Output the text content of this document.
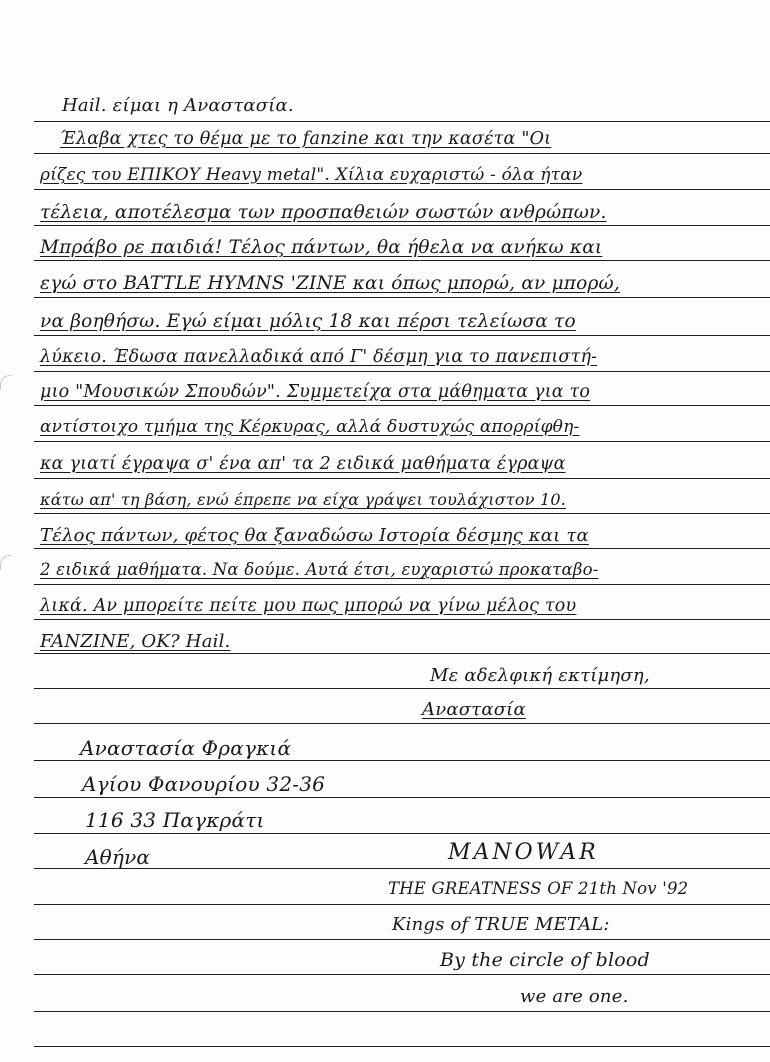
Hail. είμαι η Αναστασία.
Έλαβα χτες το θέμα με το fanzine και την κασέτα "Οι
ρίζες του ΕΠΙΚΟΥ Heavy metal". Χίλια ευχαριστώ - όλα ήταν
τέλεια, αποτέλεσμα των προσπαθειών σωστών ανθρώπων.
Μπράβο ρε παιδιά! Τέλος πάντων, θα ήθελα να ανήκω και
εγώ στο BATTLE HYMNS 'ZINE και όπως μπορώ, αν μπορώ,
να βοηθήσω. Εγώ είμαι μόλις 18 και πέρσι τελείωσα το
λύκειο. Έδωσα πανελλαδικά από Γ' δέσμη για το πανεπιστή-
μιο "Μουσικών Σπουδών". Συμμετείχα στα μάθηματα για το
αντίστοιχο τμήμα της Κέρκυρας, αλλά δυστυχώς απορρίφθη-
κα γιατί έγραψα σ' ένα απ' τα 2 ειδικά μαθήματα έγραψα
κάτω απ' τη βάση, ενώ έπρεπε να είχα γράψει τουλάχιστον 10.
Τέλος πάντων, φέτος θα ξαναδώσω Ιστορία δέσμης και τα
2 ειδικά μαθήματα. Να δούμε. Αυτά έτσι, ευχαριστώ προκαταβο-
λικά. Αν μπορείτε πείτε μου πως μπορώ να γίνω μέλος του
FANZINE, OK? Hail.
Με αδελφική εκτίμηση,
Αναστασία
Αναστασία Φραγκιά
Αγίου Φανουρίου 32-36
116 33 Παγκράτι
Αθήνα	MANOWAR
THE GREATNESS OF 21th Nov '92
Kings of TRUE METAL:
By the circle of blood
we are one.
